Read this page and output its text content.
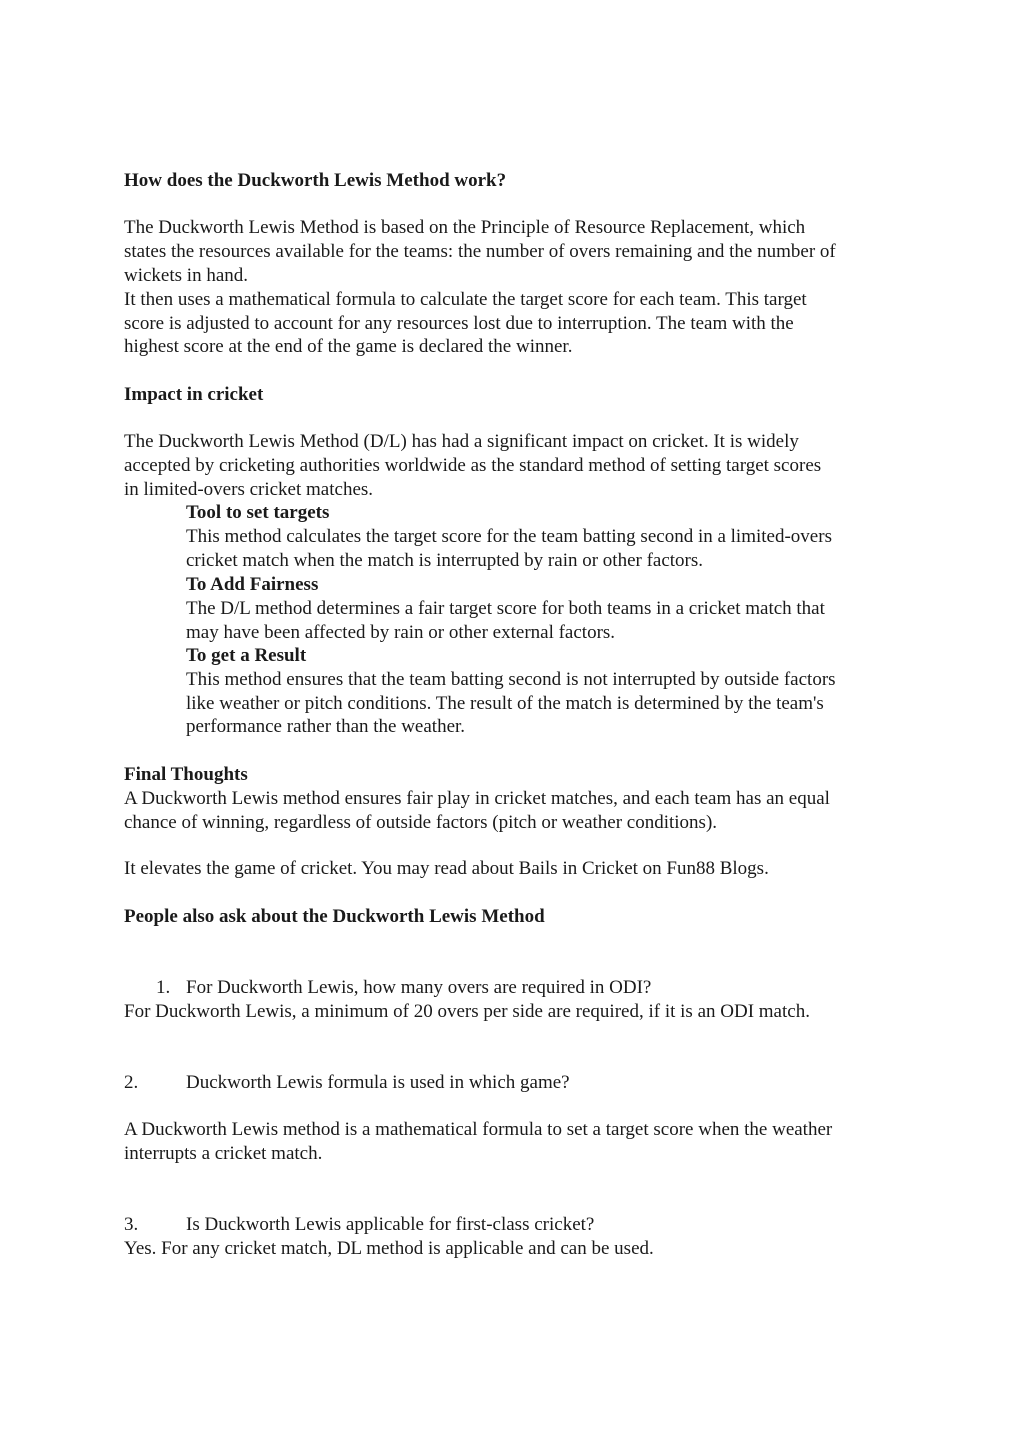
How does the Duckworth Lewis Method work?
The Duckworth Lewis Method is based on the Principle of Resource Replacement, which
states the resources available for the teams: the number of overs remaining and the number of
wickets in hand.
It then uses a mathematical formula to calculate the target score for each team. This target
score is adjusted to account for any resources lost due to interruption. The team with the
highest score at the end of the game is declared the winner.
Impact in cricket
The Duckworth Lewis Method (D/L) has had a significant impact on cricket. It is widely
accepted by cricketing authorities worldwide as the standard method of setting target scores
in limited-overs cricket matches.
Tool to set targets
This method calculates the target score for the team batting second in a limited-overs
cricket match when the match is interrupted by rain or other factors.
To Add Fairness
The D/L method determines a fair target score for both teams in a cricket match that
may have been affected by rain or other external factors.
To get a Result
This method ensures that the team batting second is not interrupted by outside factors
like weather or pitch conditions. The result of the match is determined by the team's
performance rather than the weather.
Final Thoughts
A Duckworth Lewis method ensures fair play in cricket matches, and each team has an equal
chance of winning, regardless of outside factors (pitch or weather conditions).
It elevates the game of cricket. You may read about Bails in Cricket on Fun88 Blogs.
People also ask about the Duckworth Lewis Method
1. For Duckworth Lewis, how many overs are required in ODI?
For Duckworth Lewis, a minimum of 20 overs per side are required, if it is an ODI match.
2.	Duckworth Lewis formula is used in which game?
A Duckworth Lewis method is a mathematical formula to set a target score when the weather
interrupts a cricket match.
3.	Is Duckworth Lewis applicable for first-class cricket?
Yes. For any cricket match, DL method is applicable and can be used.
